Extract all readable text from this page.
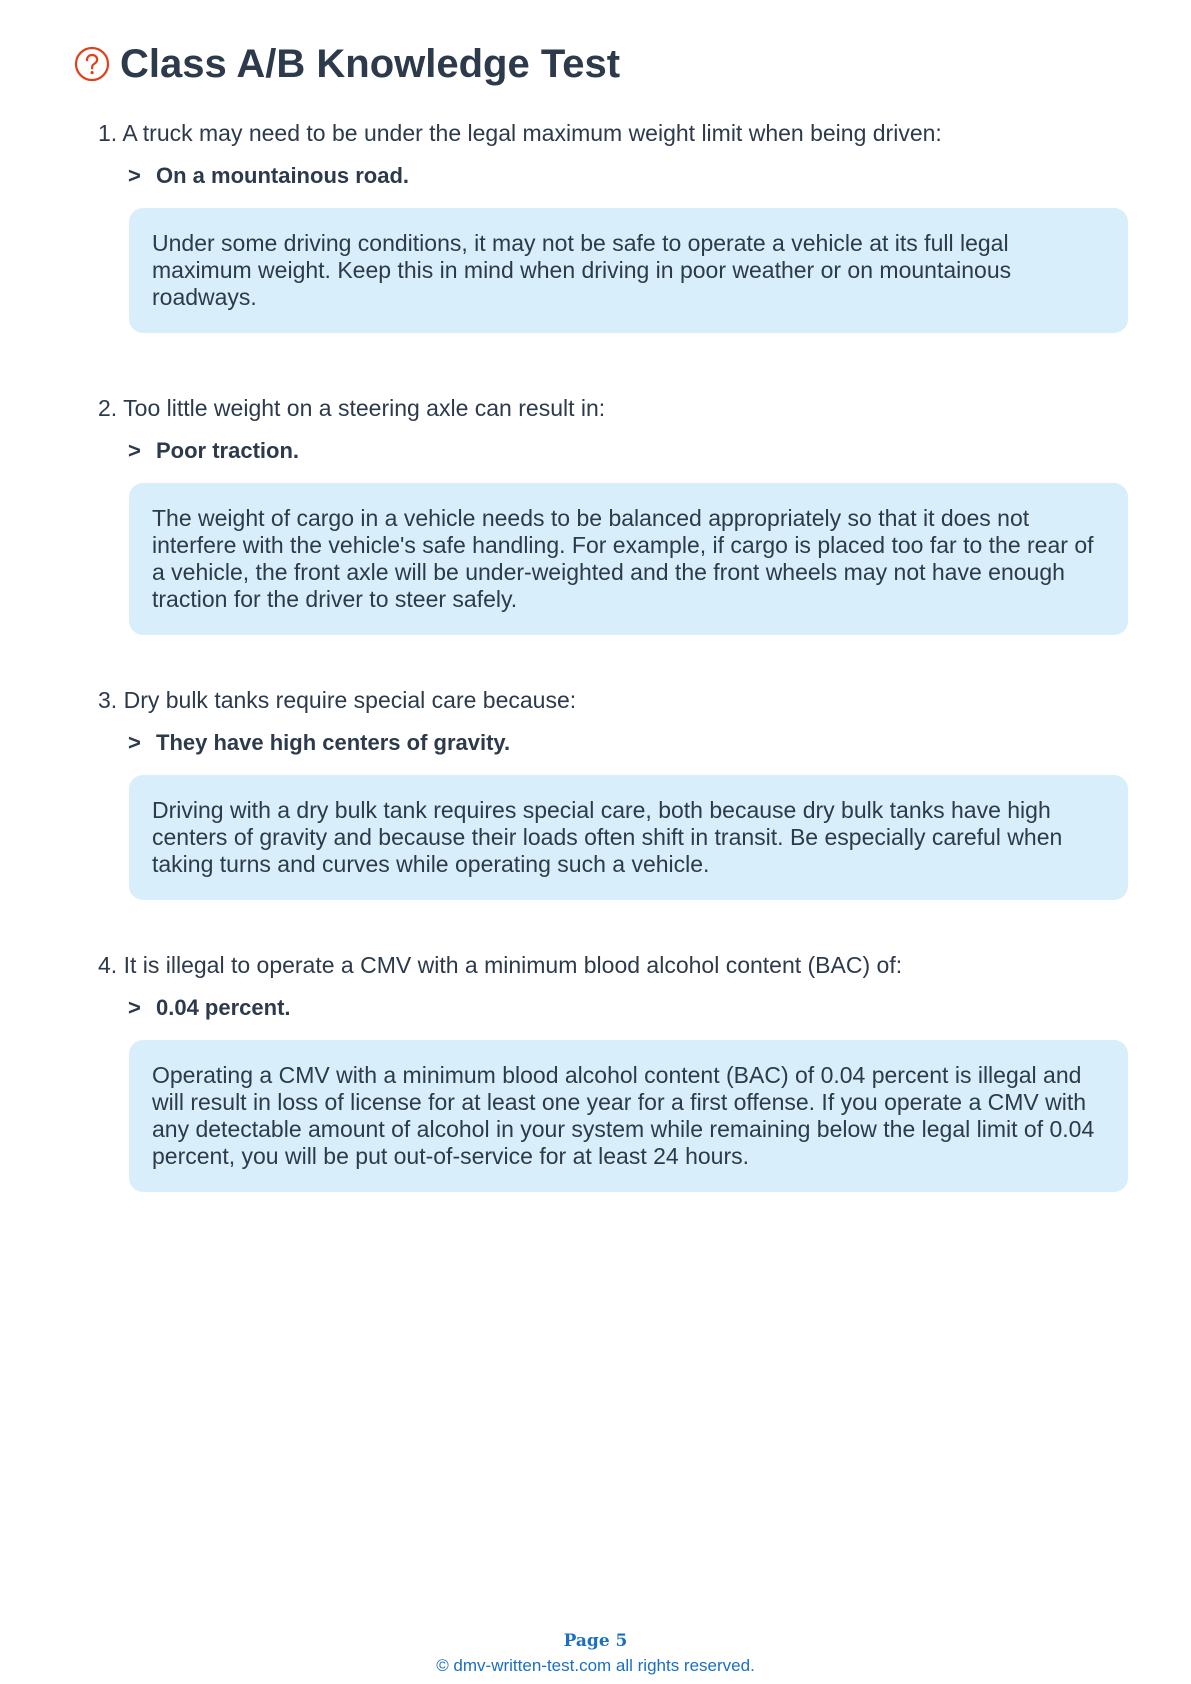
Class A/B Knowledge Test
1. A truck may need to be under the legal maximum weight limit when being driven:
> On a mountainous road.
Under some driving conditions, it may not be safe to operate a vehicle at its full legal maximum weight. Keep this in mind when driving in poor weather or on mountainous roadways.
2. Too little weight on a steering axle can result in:
> Poor traction.
The weight of cargo in a vehicle needs to be balanced appropriately so that it does not interfere with the vehicle's safe handling. For example, if cargo is placed too far to the rear of a vehicle, the front axle will be under-weighted and the front wheels may not have enough traction for the driver to steer safely.
3. Dry bulk tanks require special care because:
> They have high centers of gravity.
Driving with a dry bulk tank requires special care, both because dry bulk tanks have high centers of gravity and because their loads often shift in transit. Be especially careful when taking turns and curves while operating such a vehicle.
4. It is illegal to operate a CMV with a minimum blood alcohol content (BAC) of:
> 0.04 percent.
Operating a CMV with a minimum blood alcohol content (BAC) of 0.04 percent is illegal and will result in loss of license for at least one year for a first offense. If you operate a CMV with any detectable amount of alcohol in your system while remaining below the legal limit of 0.04 percent, you will be put out-of-service for at least 24 hours.
Page 5
© dmv-written-test.com all rights reserved.
